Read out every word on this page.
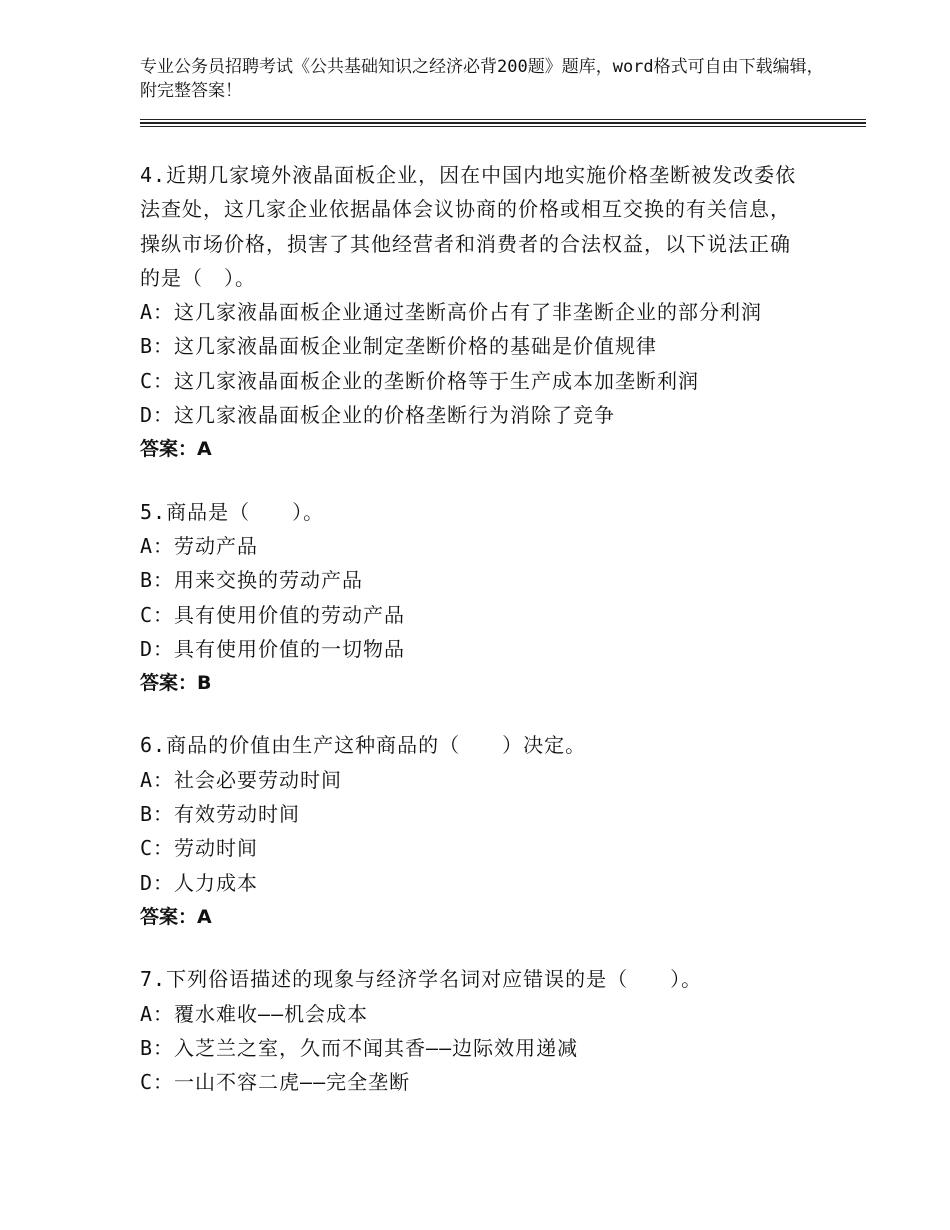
专业公务员招聘考试《公共基础知识之经济必背200题》题库，word格式可自由下载编辑，附完整答案！
4.近期几家境外液晶面板企业，因在中国内地实施价格垄断被发改委依法查处，这几家企业依据晶体会议协商的价格或相互交换的有关信息，操纵市场价格，损害了其他经营者和消费者的合法权益，以下说法正确的是（　）。
A：这几家液晶面板企业通过垄断高价占有了非垄断企业的部分利润
B：这几家液晶面板企业制定垄断价格的基础是价值规律
C：这几家液晶面板企业的垄断价格等于生产成本加垄断利润
D：这几家液晶面板企业的价格垄断行为消除了竞争
答案：A
5.商品是（　　）。
A：劳动产品
B：用来交换的劳动产品
C：具有使用价值的劳动产品
D：具有使用价值的一切物品
答案：B
6.商品的价值由生产这种商品的（　　）决定。
A：社会必要劳动时间
B：有效劳动时间
C：劳动时间
D：人力成本
答案：A
7.下列俗语描述的现象与经济学名词对应错误的是（　　）。
A：覆水难收——机会成本
B：入芝兰之室，久而不闻其香——边际效用递减
C：一山不容二虎——完全垄断
